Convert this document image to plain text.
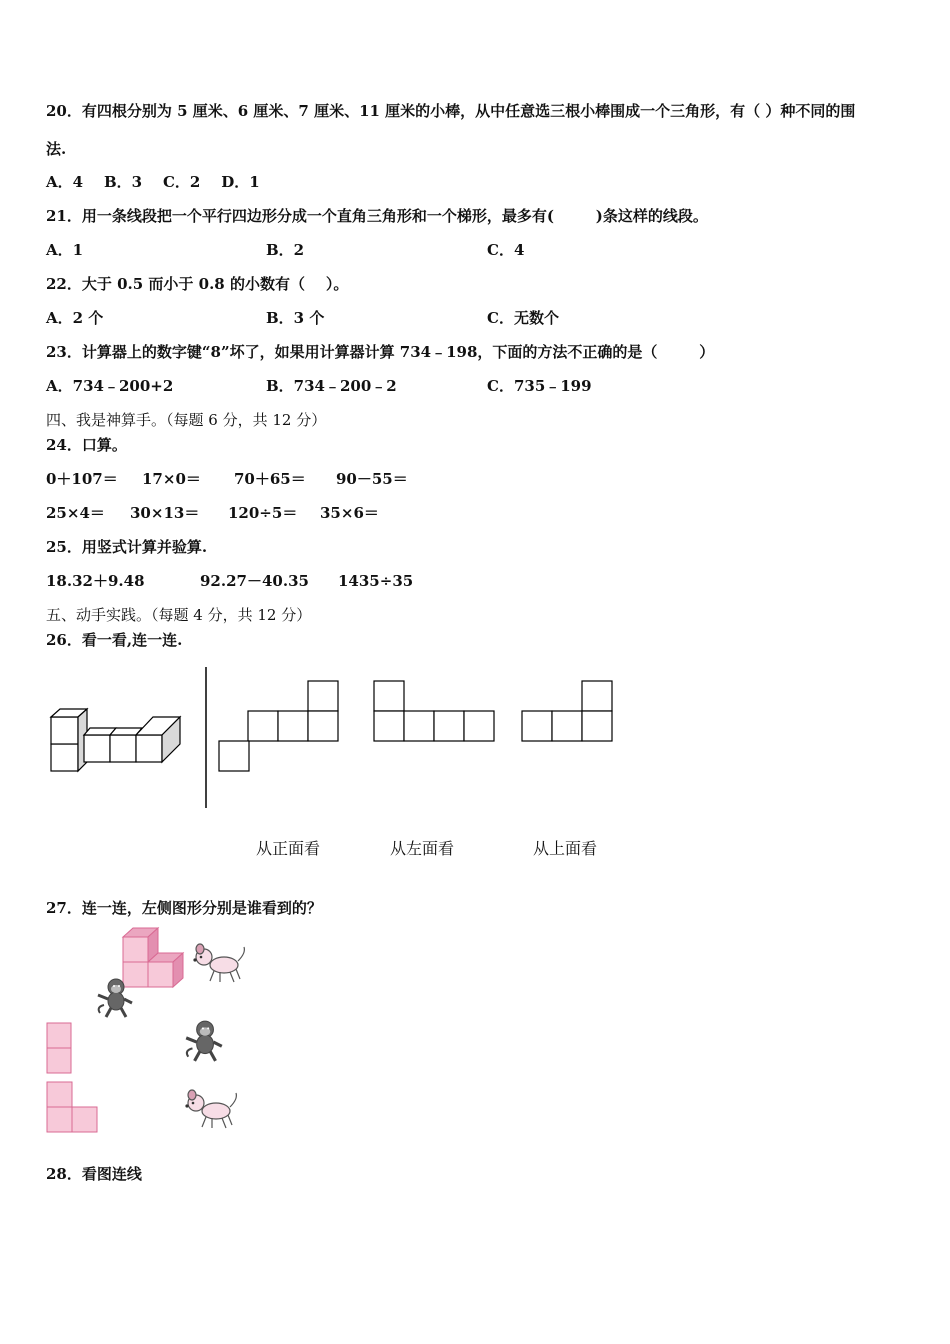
20．有四根分别为 5 厘米、6 厘米、7 厘米、11 厘米的小棒，从中任意选三根小棒围成一个三角形，有（ ）种不同的围
法.
A．4    B．3    C．2    D．1
21．用一条线段把一个平行四边形分成一个直角三角形和一个梯形，最多有(        )条这样的线段。
A．1	B．2	C．4
22．大于 0.5 而小于 0.8 的小数有（    ）。
A．2 个	B．3 个	C．无数个
23．计算器上的数字键“8”坏了，如果用计算器计算 734﹣198，下面的方法不正确的是（        ）
A．734﹣200+2	B．734﹣200﹣2	C．735﹣199
四、我是神算手。（每题 6 分，共 12 分）
24．口算。
0＋107＝ 17×0＝ 70＋65＝ 90－55＝
25×4＝ 30×13＝ 120÷5＝ 35×6＝
25．用竖式计算并验算.
18.32＋9.48	92.27－40.35 1435÷35
五、动手实践。（每题 4 分，共 12 分）
26．看一看,连一连.
从正面看	从左面看	从上面看
27．连一连，左侧图形分别是谁看到的？
28．看图连线
